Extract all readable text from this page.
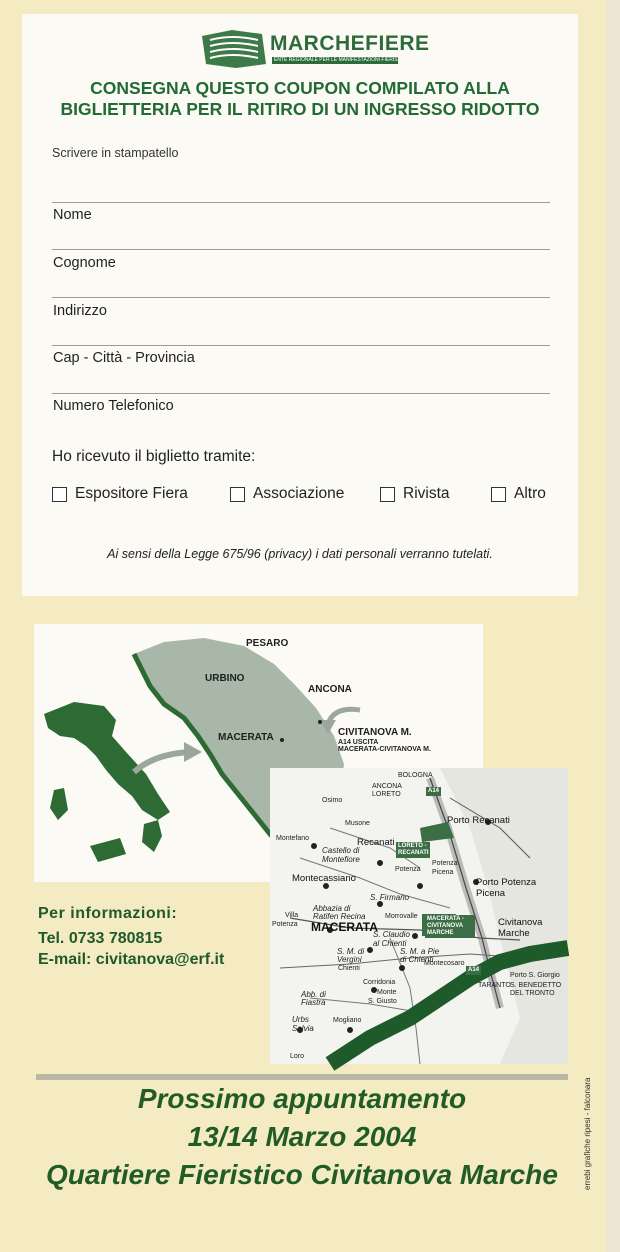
MARCHEFIERE
ENTE REGIONALE PER LE MANIFESTAZIONI FIERISTICHE
CONSEGNA QUESTO COUPON COMPILATO ALLA
BIGLIETTERIA PER IL RITIRO DI UN INGRESSO RIDOTTO
Scrivere in stampatello
Nome
Cognome
Indirizzo
Cap - Città - Provincia
Numero Telefonico
Ho ricevuto il biglietto tramite:
Espositore Fiera	Associazione	Rivista	Altro
Ai sensi della Legge 675/96 (privacy) i dati personali verranno tutelati.
PESARO
URBINO
ANCONA
MACERATA	CIVITANOVA M.
A14 USCITA
MACERATA-CIVITANOVA M.
BOLOGNA
ANCONA
LORETO	A14
Osimo
Porto Recanati
Musone
Montefano	Recanati
Castello di
Montefiore
LORETO - RECANATI
Potenza
Picena
Potenza
Montecassiano	Porto Potenza
Picena
S. Firmano
Abbazia di
Ratifen Recina
Villa
Potenza MACERATA
Morrovalle	MACERATA - CIVITANOVA MARCHE
Civitanova
Marche
S. Claudio
al Chienti
S. M. di
Vergini
S. M. a Pie
di Chienti
Chienti
Montecosaro
Corridonia
Monte
S. Giusto
Abb. di
Fiastra
Urbs
Salvia
Mogliano
Loro
Porto S. Giorgio
TARANTO S. BENEDETTO
DEL TRONTO
A14
Per informazioni:
Tel. 0733 780815
E-mail: civitanova@erf.it
Prossimo appuntamento
13/14 Marzo 2004
Quartiere Fieristico Civitanova Marche	errebi grafiche ripesi - falconara
